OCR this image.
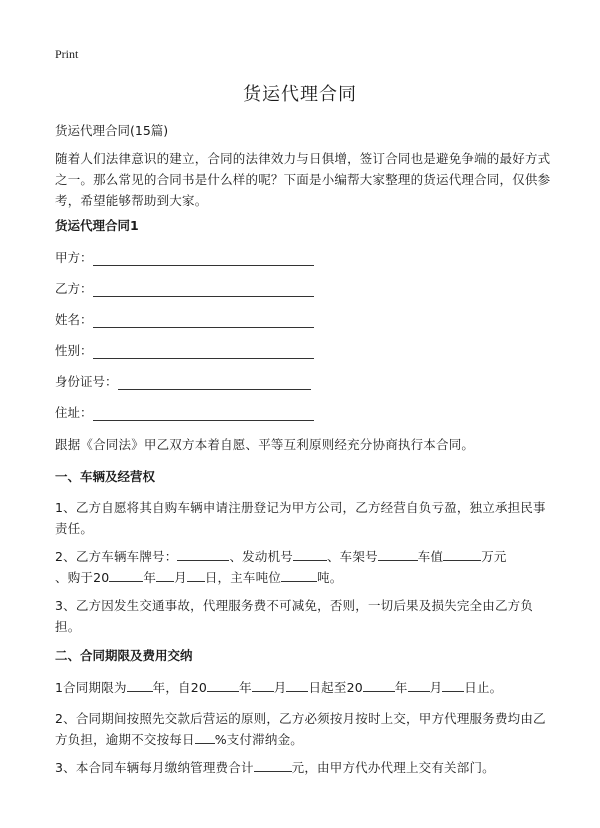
Print
货运代理合同
货运代理合同(15篇)
随着人们法律意识的建立，合同的法律效力与日俱增，签订合同也是避免争端的最好方式之一。那么常见的合同书是什么样的呢？下面是小编帮大家整理的货运代理合同，仅供参考，希望能够帮助到大家。
货运代理合同1
甲方：
乙方：
姓名：
性别：
身份证号：
住址：
跟据《合同法》甲乙双方本着自愿、平等互利原则经充分协商执行本合同。
一、车辆及经营权
1、乙方自愿将其自购车辆申请注册登记为甲方公司，乙方经营自负亏盈，独立承担民事责任。
2、乙方车辆车牌号：	、发动机号	、车架号	车值	万元
、购于20	年 月 日，主车吨位	吨。
3、乙方因发生交通事故，代理服务费不可减免，否则，一切后果及损失完全由乙方负担。
二、合同期限及费用交纳
1合同期限为 年，自20	年 月 日起至20	年 月 日止。
2、合同期间按照先交款后营运的原则，乙方必须按月按时上交，甲方代理服务费均由乙方负担，逾期不交按每日 %支付滞纳金。
3、本合同车辆每月缴纳管理费合计	元，由甲方代办代理上交有关部门。
